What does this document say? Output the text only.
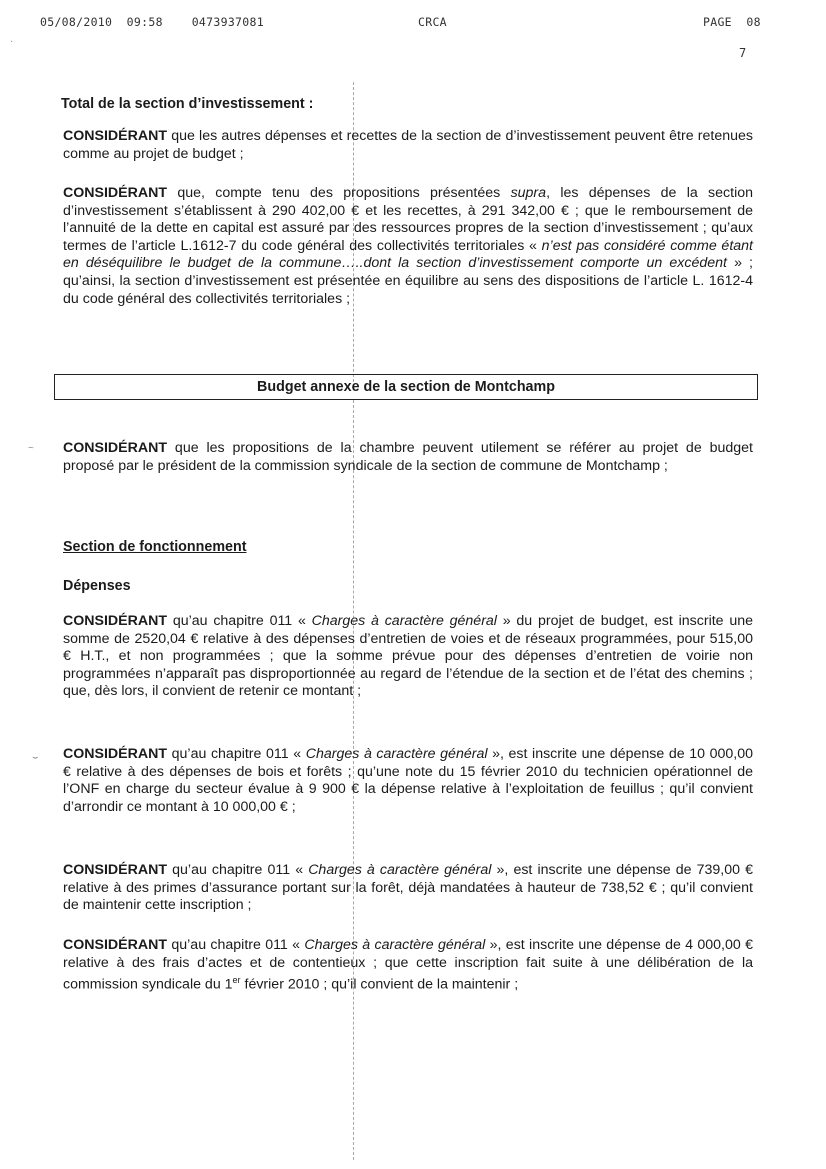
05/08/2010  09:58    0473937081	CRCA	PAGE  08
7
·
~
⌣
Total de la section d’investissement :
CONSIDÉRANT que les autres dépenses et recettes de la section de d’investissement peuvent être retenues comme au projet de budget ;
CONSIDÉRANT que, compte tenu des propositions présentées supra, les dépenses de la section d’investissement s’établissent à 290 402,00 € et les recettes, à 291 342,00 € ; que le remboursement de l’annuité de la dette en capital est assuré par des ressources propres de la section d’investissement ; qu’aux termes de l’article L.1612-7 du code général des collectivités territoriales « n’est pas considéré comme étant en déséquilibre le budget de la commune…..dont la section d’investissement comporte un excédent » ; qu’ainsi, la section d’investissement est présentée en équilibre au sens des dispositions de l’article L. 1612-4 du code général des collectivités territoriales ;
Budget annexe de la section de Montchamp
CONSIDÉRANT que les propositions de la chambre peuvent utilement se référer au projet de budget proposé par le président de la commission syndicale de la section de commune de Montchamp ;
Section de fonctionnement
Dépenses
CONSIDÉRANT qu’au chapitre 011 « Charges à caractère général » du projet de budget, est inscrite une somme de 2520,04 € relative à des dépenses d’entretien de voies et de réseaux programmées, pour 515,00 € H.T., et non programmées ; que la somme prévue pour des dépenses d’entretien de voirie non programmées n’apparaît pas disproportionnée au regard de l’étendue de la section et de l’état des chemins ; que, dès lors, il convient de retenir ce montant ;
CONSIDÉRANT qu’au chapitre 011 « Charges à caractère général », est inscrite une dépense de 10 000,00 € relative à des dépenses de bois et forêts ; qu’une note du 15 février 2010 du technicien opérationnel de l’ONF en charge du secteur évalue à 9 900 € la dépense relative à l’exploitation de feuillus ; qu’il convient d’arrondir ce montant à 10 000,00 € ;
CONSIDÉRANT qu’au chapitre 011 « Charges à caractère général », est inscrite une dépense de 739,00 € relative à des primes d’assurance portant sur la forêt, déjà mandatées à hauteur de 738,52 € ; qu’il convient de maintenir cette inscription ;
CONSIDÉRANT qu’au chapitre 011 « Charges à caractère général », est inscrite une dépense de 4 000,00 € relative à des frais d’actes et de contentieux ; que cette inscription fait suite à une délibération de la commission syndicale du 1er février 2010 ; qu’il convient de la maintenir ;
